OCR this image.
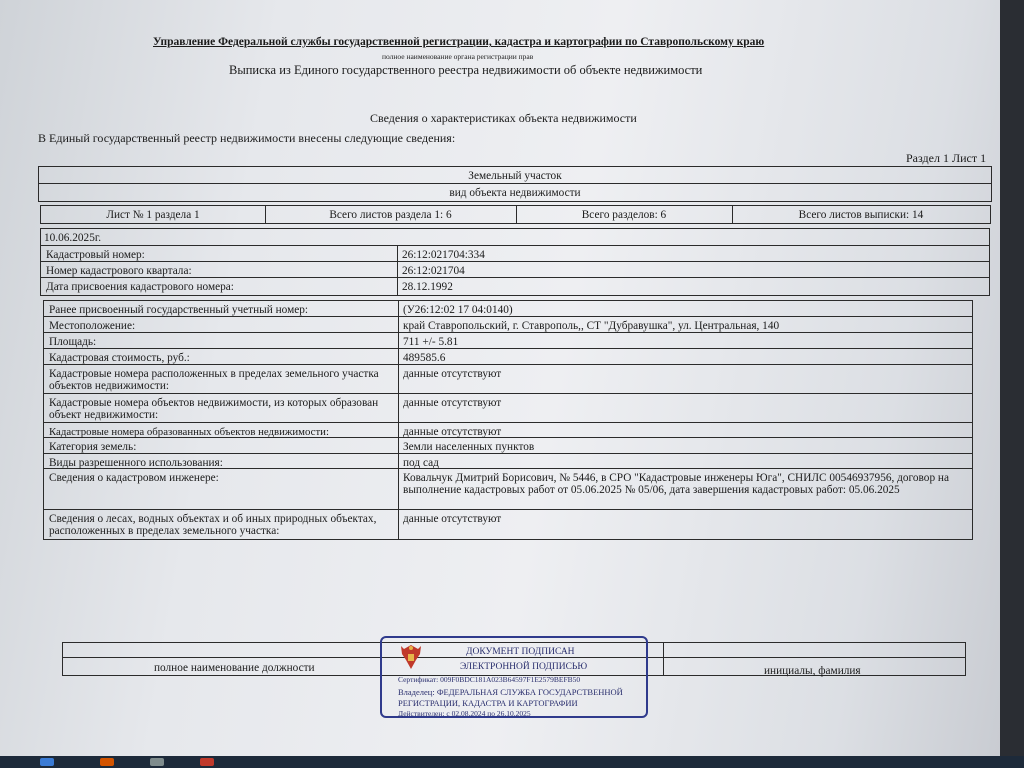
Управление Федеральной службы государственной регистрации, кадастра и картографии по Ставропольскому краю
полное наименование органа регистрации прав
Выписка из Единого государственного реестра недвижимости об объекте недвижимости
Сведения о характеристиках объекта недвижимости
В Единый государственный реестр недвижимости внесены следующие сведения:
Раздел 1 Лист 1
Земельный участок
вид объекта недвижимости
Лист № 1 раздела 1	Всего листов раздела 1: 6	Всего разделов: 6	Всего листов выписки: 14
10.06.2025г.
Кадастровый номер:	26:12:021704:334
Номер кадастрового квартала:	26:12:021704
Дата присвоения кадастрового номера:	28.12.1992
Ранее присвоенный государственный учетный номер:	(У26:12:02 17 04:0140)
Местоположение:	край Ставропольский, г. Ставрополь,, СТ "Дубравушка", ул. Центральная, 140
Площадь:	711 +/- 5.81
Кадастровая стоимость, руб.:	489585.6
Кадастровые номера расположенных в пределах земельного участка объектов недвижимости:
данные отсутствуют
Кадастровые номера объектов недвижимости, из которых образован объект недвижимости:
данные отсутствуют
Кадастровые номера образованных объектов недвижимости:	данные отсутствуют
Категория земель:	Земли населенных пунктов
Виды разрешенного использования:	под сад
Сведения о кадастровом инженере:	Ковальчук Дмитрий Борисович, № 5446, в СРО "Кадастровые инженеры Юга", СНИЛС 00546937956, договор на выполнение кадастровых работ от 05.06.2025 № 05/06, дата завершения кадастровых работ: 05.06.2025
Сведения о лесах, водных объектах и об иных природных объектах, расположенных в пределах земельного участка:
данные отсутствуют
полное наименование должности	инициалы, фамилия
ДОКУМЕНТ ПОДПИСАН
ЭЛЕКТРОННОЙ ПОДПИСЬЮ
Сертификат: 009F0BDC181A023B64597F1E2579BEFB50
Владелец: ФЕДЕРАЛЬНАЯ СЛУЖБА ГОСУДАРСТВЕННОЙ
РЕГИСТРАЦИИ, КАДАСТРА И КАРТОГРАФИИ
Действителен: с 02.08.2024 по 26.10.2025
